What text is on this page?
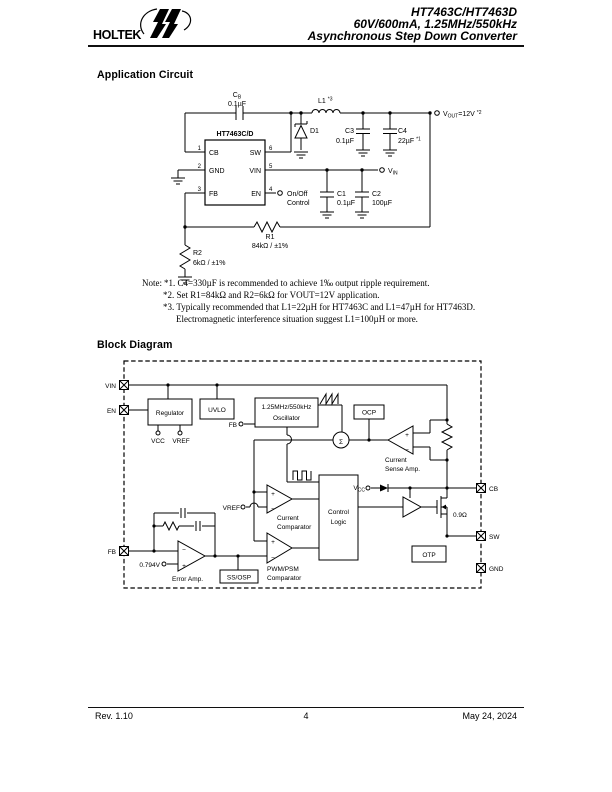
HOLTEK
HT7463C/HT7463D
60V/600mA, 1.25MHz/550kHz
Asynchronous Step Down Converter
Application Circuit
Block Diagram
$C_B$
0.1µF
HT7463C/D
1
2
3
6
5
4
CB
GND
FB
SW
VIN
EN
L1 $^{*3}$
D1	C3
0.1µF
C4
22µF $^{*1}$
$V_{OUT}=12V$ $^{*2}$
$V_{IN}$
C1
0.1µF
C2
100µF
On/Off
Control
R1
84kΩ / ±1%
R2
6kΩ / ±1%
Note: *1. C4=330µF is recommended to achieve 1‰ output ripple requirement.
*2. Set R1=84kΩ and R2=6kΩ for VOUT=12V application.
*3. Typically recommended that L1=22µH for HT7463C and L1=47µH for HT7463D.
Electromagnetic interference situation suggest L1=100µH or more.
VIN
EN
FB
CB
SW
GND
Regulator	UVLO	1.25MHz/550kHz
Oscillator
OCP
Control
Logic
SS/OSP
OTP
VCC VREF
FB
VREF
0.794V
$V_{CC}$
0.9Ω
Σ
Current
Sense Amp.
Current
Comparator
PWM/PSM
Comparator
Error Amp.
+
−
+
−
+
−
−
+
Rev. 1.10	4	May 24, 2024
